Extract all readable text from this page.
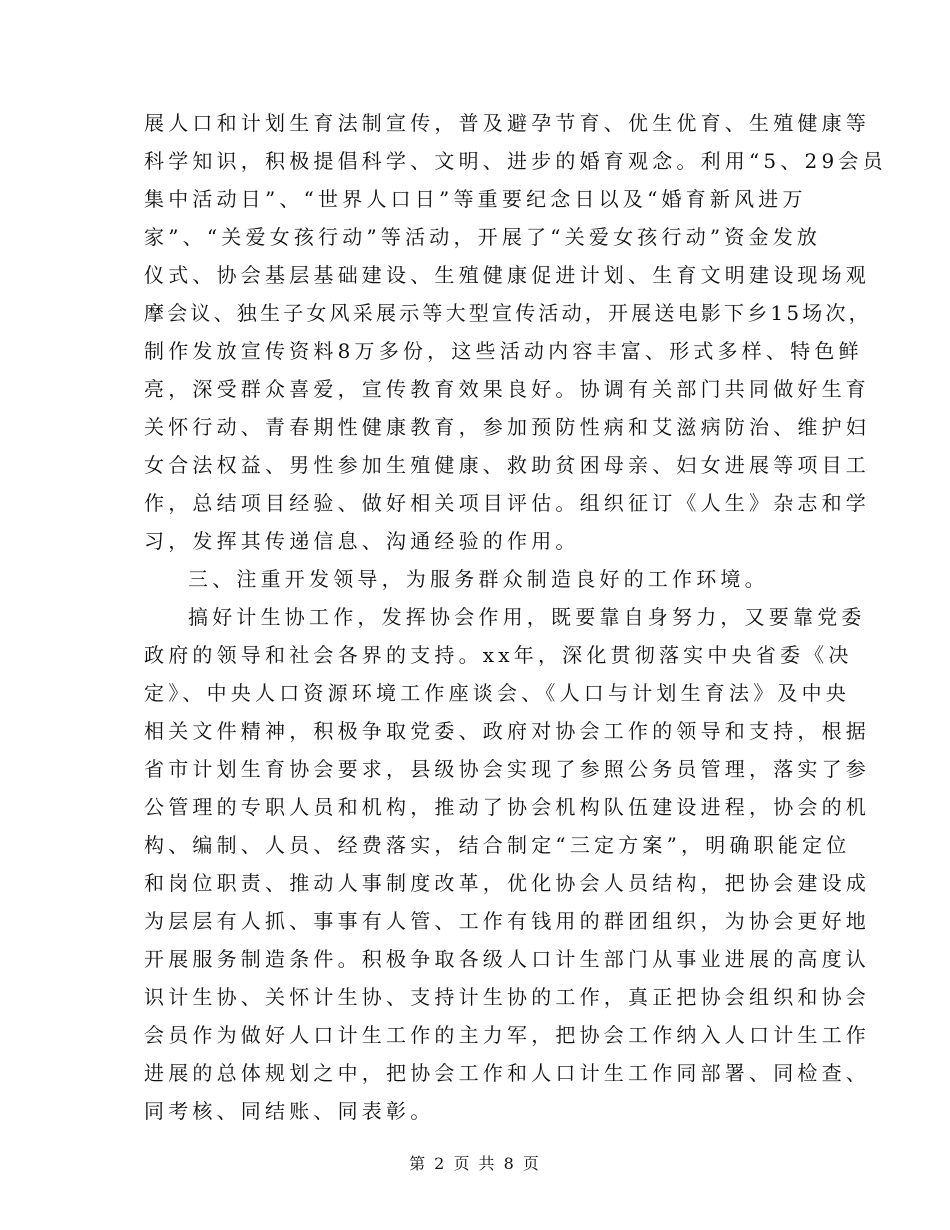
展人口和计划生育法制宣传，普及避孕节育、优生优育、生殖健康等
科学知识，积极提倡科学、文明、进步的婚育观念。利用“5、29会员
集中活动日”、“世界人口日”等重要纪念日以及“婚育新风进万
家”、“关爱女孩行动”等活动，开展了“关爱女孩行动”资金发放
仪式、协会基层基础建设、生殖健康促进计划、生育文明建设现场观
摩会议、独生子女风采展示等大型宣传活动，开展送电影下乡15场次，
制作发放宣传资料8万多份，这些活动内容丰富、形式多样、特色鲜
亮，深受群众喜爱，宣传教育效果良好。协调有关部门共同做好生育
关怀行动、青春期性健康教育，参加预防性病和艾滋病防治、维护妇
女合法权益、男性参加生殖健康、救助贫困母亲、妇女进展等项目工
作，总结项目经验、做好相关项目评估。组织征订《人生》杂志和学
习，发挥其传递信息、沟通经验的作用。
三、注重开发领导，为服务群众制造良好的工作环境。
搞好计生协工作，发挥协会作用，既要靠自身努力，又要靠党委
政府的领导和社会各界的支持。xx年，深化贯彻落实中央省委《决
定》、中央人口资源环境工作座谈会、《人口与计划生育法》及中央
相关文件精神，积极争取党委、政府对协会工作的领导和支持，根据
省市计划生育协会要求，县级协会实现了参照公务员管理，落实了参
公管理的专职人员和机构，推动了协会机构队伍建设进程，协会的机
构、编制、人员、经费落实，结合制定“三定方案”，明确职能定位
和岗位职责、推动人事制度改革，优化协会人员结构，把协会建设成
为层层有人抓、事事有人管、工作有钱用的群团组织，为协会更好地
开展服务制造条件。积极争取各级人口计生部门从事业进展的高度认
识计生协、关怀计生协、支持计生协的工作，真正把协会组织和协会
会员作为做好人口计生工作的主力军，把协会工作纳入人口计生工作
进展的总体规划之中，把协会工作和人口计生工作同部署、同检查、
同考核、同结账、同表彰。
第 2 页 共 8 页
